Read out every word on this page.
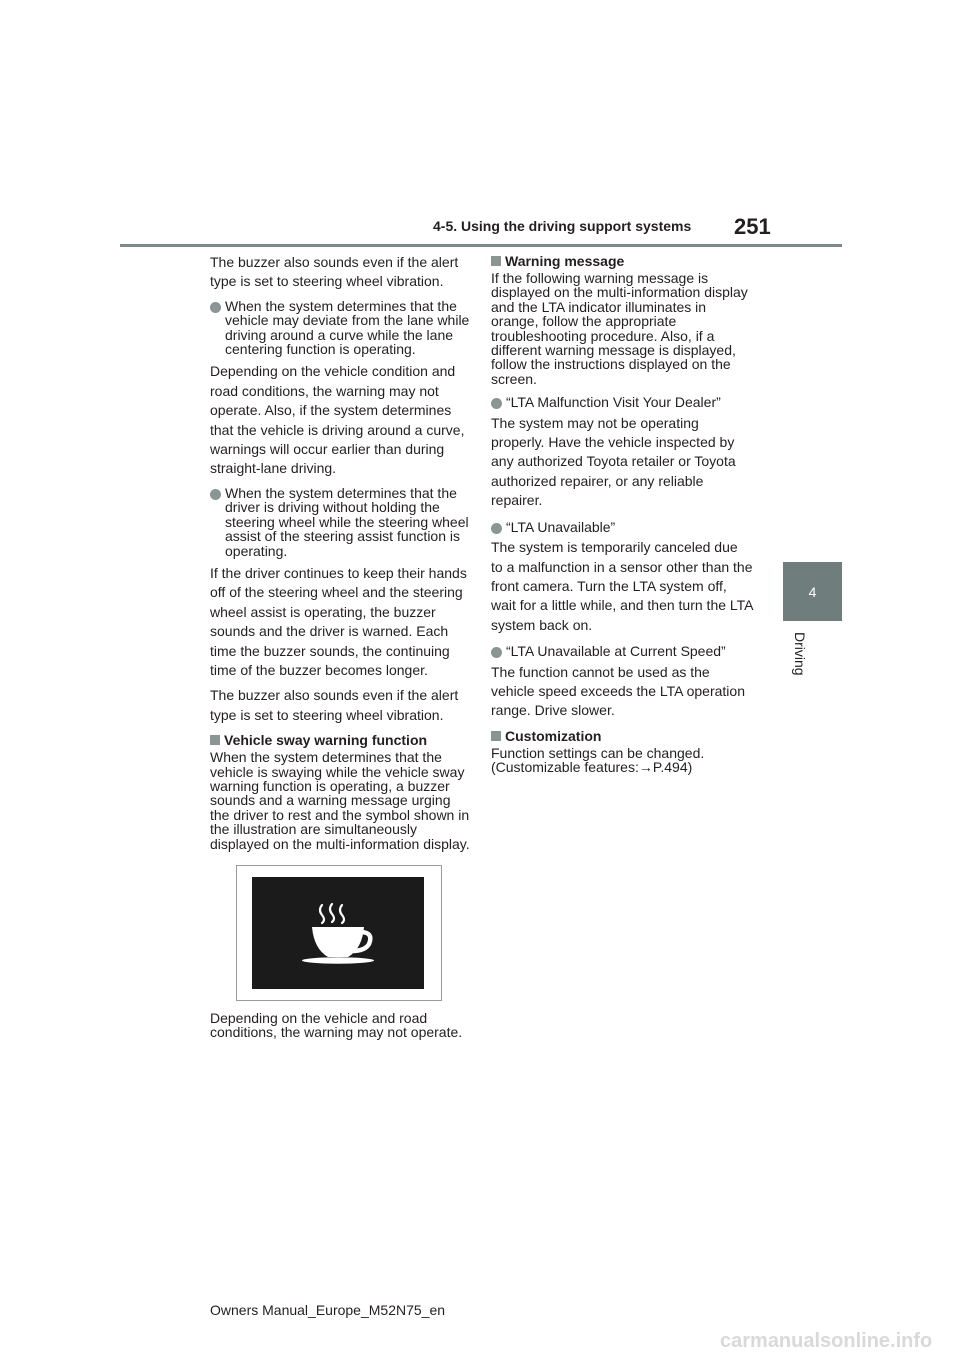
4-5. Using the driving support systems 251
4
Driving

The buzzer also sounds even if the alert type is set to steering wheel vibration.

When the system determines that the vehicle may deviate from the lane while driving around a curve while the lane centering function is operating.

Depending on the vehicle condition and road conditions, the warning may not operate. Also, if the system determines that the vehicle is driving around a curve, warnings will occur earlier than during straight-lane driving.

When the system determines that the driver is driving without holding the steering wheel while the steering wheel assist of the steering assist function is operating.

If the driver continues to keep their hands off of the steering wheel and the steering wheel assist is operating, the buzzer sounds and the driver is warned. Each time the buzzer sounds, the continuing time of the buzzer becomes longer.

The buzzer also sounds even if the alert type is set to steering wheel vibration.

Vehicle sway warning function

When the system determines that the vehicle is swaying while the vehicle sway warning function is operating, a buzzer sounds and a warning message urging the driver to rest and the symbol shown in the illustration are simultaneously displayed on the multi-information display.

Depending on the vehicle and road conditions, the warning may not operate.

Warning message

If the following warning message is displayed on the multi-information display and the LTA indicator illuminates in orange, follow the appropriate troubleshooting procedure. Also, if a different warning message is displayed, follow the instructions displayed on the screen.

“LTA Malfunction Visit Your Dealer”

The system may not be operating properly. Have the vehicle inspected by any authorized Toyota retailer or Toyota authorized repairer, or any reliable repairer.

“LTA Unavailable”

The system is temporarily canceled due to a malfunction in a sensor other than the front camera. Turn the LTA system off, wait for a little while, and then turn the LTA system back on.

“LTA Unavailable at Current Speed”

The function cannot be used as the vehicle speed exceeds the LTA operation range. Drive slower.

Customization

Function settings can be changed. (Customizable features:→P.494)

Owners Manual_Europe_M52N75_en
carmanualsonline.info
